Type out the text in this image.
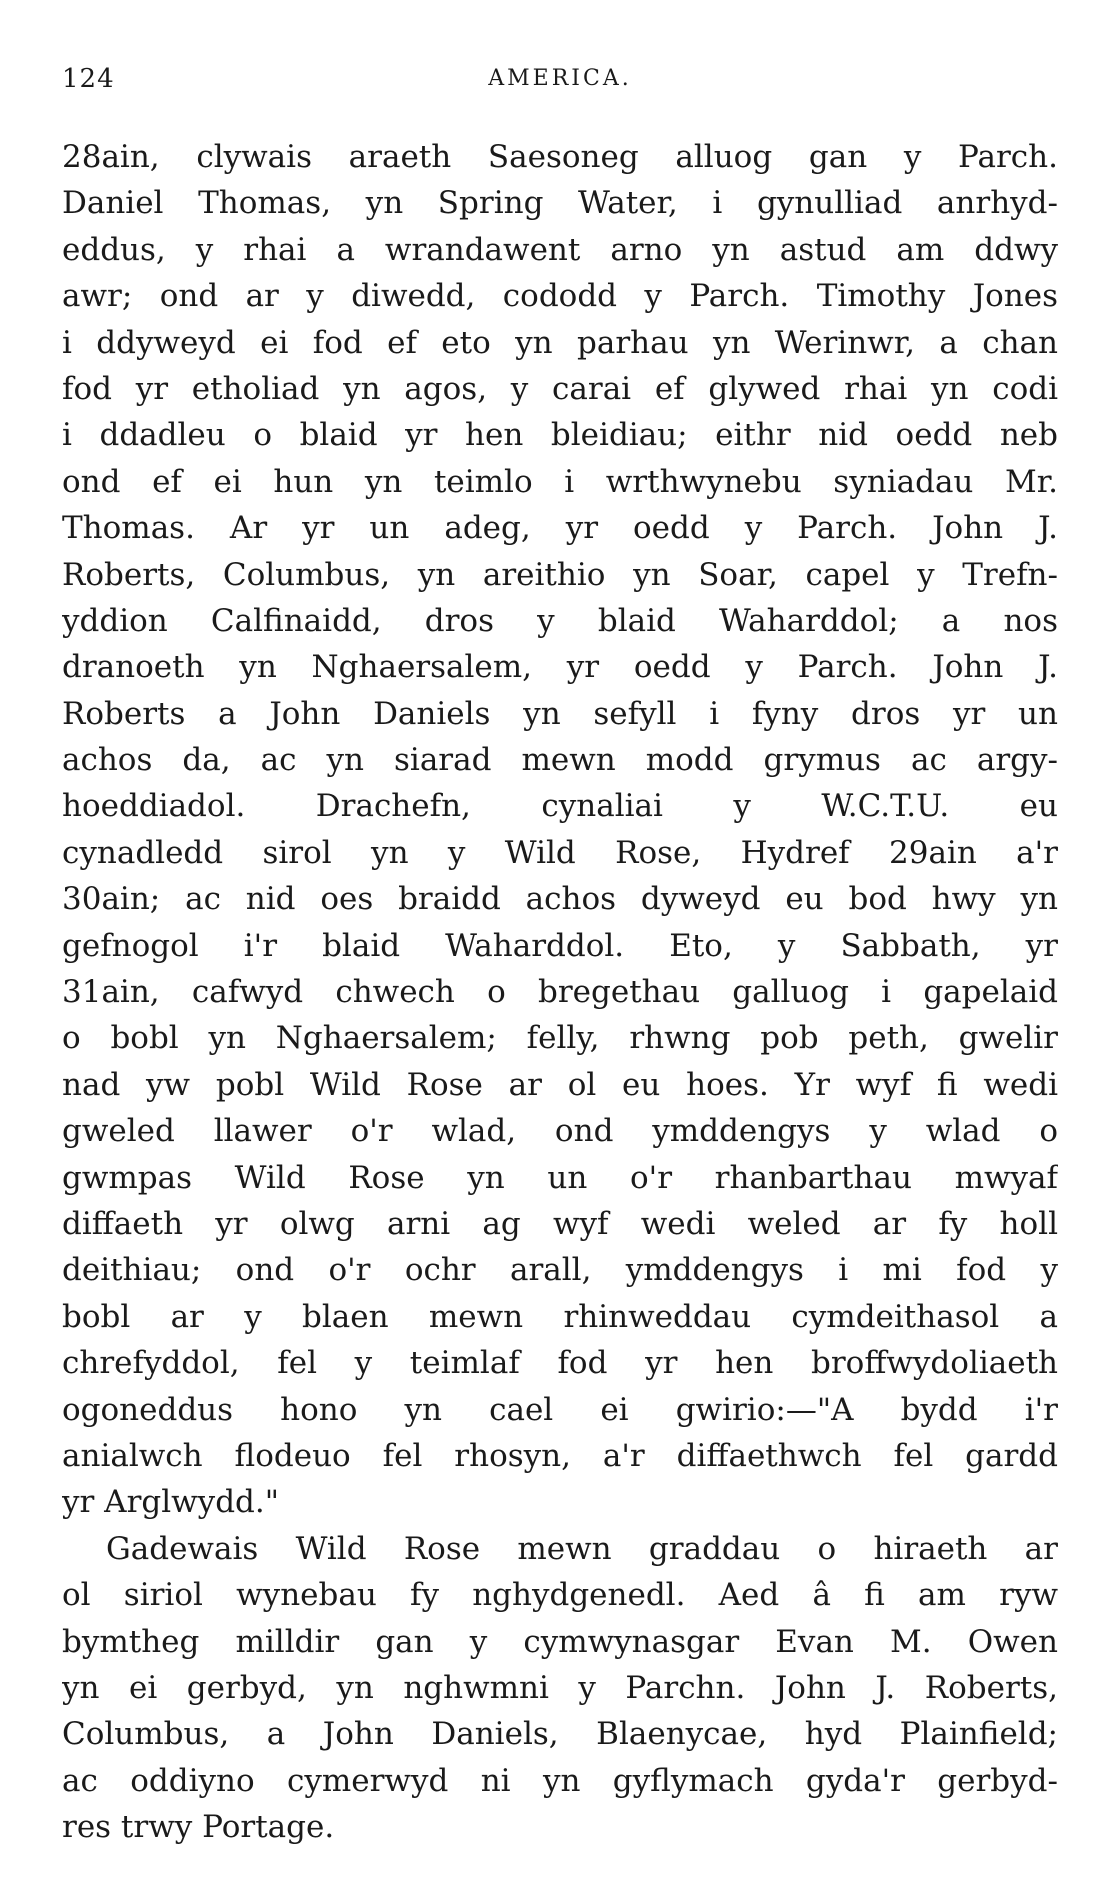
124	AMERICA.
28ain, clywais araeth Saesoneg alluog gan y Parch.
Daniel Thomas, yn Spring Water, i gynulliad anrhyd-
eddus, y rhai a wrandawent arno yn astud am ddwy
awr; ond ar y diwedd, cododd y Parch. Timothy Jones
i ddyweyd ei fod ef eto yn parhau yn Werinwr, a chan
fod yr etholiad yn agos, y carai ef glywed rhai yn codi
i ddadleu o blaid yr hen bleidiau; eithr nid oedd neb
ond ef ei hun yn teimlo i wrthwynebu syniadau Mr.
Thomas. Ar yr un adeg, yr oedd y Parch. John J.
Roberts, Columbus, yn areithio yn Soar, capel y Trefn-
yddion Calfinaidd, dros y blaid Waharddol; a nos
dranoeth yn Nghaersalem, yr oedd y Parch. John J.
Roberts a John Daniels yn sefyll i fyny dros yr un
achos da, ac yn siarad mewn modd grymus ac argy-
hoeddiadol. Drachefn, cynaliai y W.C.T.U. eu
cynadledd sirol yn y Wild Rose, Hydref 29ain a'r
30ain; ac nid oes braidd achos dyweyd eu bod hwy yn
gefnogol i'r blaid Waharddol. Eto, y Sabbath, yr
31ain, cafwyd chwech o bregethau galluog i gapelaid
o bobl yn Nghaersalem; felly, rhwng pob peth, gwelir
nad yw pobl Wild Rose ar ol eu hoes. Yr wyf fi wedi
gweled llawer o'r wlad, ond ymddengys y wlad o
gwmpas Wild Rose yn un o'r rhanbarthau mwyaf
diffaeth yr olwg arni ag wyf wedi weled ar fy holl
deithiau; ond o'r ochr arall, ymddengys i mi fod y
bobl ar y blaen mewn rhinweddau cymdeithasol a
chrefyddol, fel y teimlaf fod yr hen broffwydoliaeth
ogoneddus hono yn cael ei gwirio:—"A bydd i'r
anialwch flodeuo fel rhosyn, a'r diffaethwch fel gardd
yr Arglwydd."
Gadewais Wild Rose mewn graddau o hiraeth ar
ol siriol wynebau fy nghydgenedl. Aed â fi am ryw
bymtheg milldir gan y cymwynasgar Evan M. Owen
yn ei gerbyd, yn nghwmni y Parchn. John J. Roberts,
Columbus, a John Daniels, Blaenycae, hyd Plainfield;
ac oddiyno cymerwyd ni yn gyflymach gyda'r gerbyd-
res trwy Portage.
